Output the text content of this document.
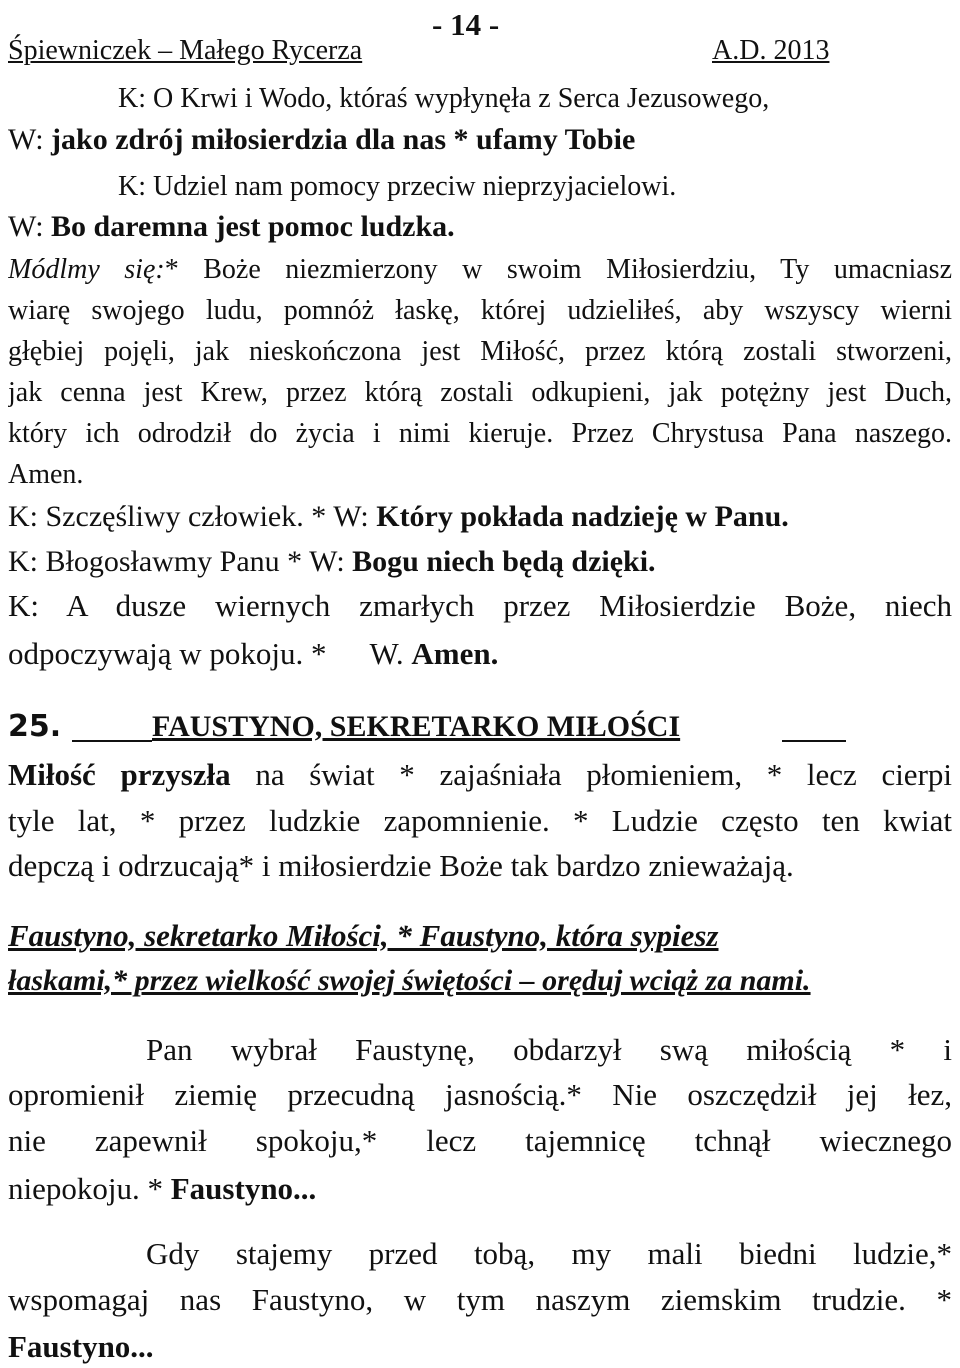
- 14 -
Śpiewniczek – Małego Rycerza	A.D. 2013
K: O Krwi i Wodo, któraś wypłynęła z Serca Jezusowego,
W: jako zdrój miłosierdzia dla nas * ufamy Tobie
K: Udziel nam pomocy przeciw nieprzyjacielowi.
W: Bo daremna jest pomoc ludzka.
Módlmy się:* Boże niezmierzony w swoim Miłosierdziu, Ty umacniasz
wiarę swojego ludu, pomnóż łaskę, której udzieliłeś, aby wszyscy wierni
głębiej pojęli, jak nieskończona jest Miłość, przez którą zostali stworzeni,
jak cenna jest Krew, przez którą zostali odkupieni, jak potężny jest Duch,
który ich odrodził do życia i nimi kieruje. Przez Chrystusa Pana naszego.
Amen.
K: Szczęśliwy człowiek. * W: Który pokłada nadzieję w Panu.
K: Błogosławmy Panu * W: Bogu niech będą dzięki.
K: A dusze wiernych zmarłych przez Miłosierdzie Boże, niech
odpoczywają w pokoju. * W. Amen.
25.	FAUSTYNO, SEKRETARKO MIŁOŚCI
Miłość przyszła na świat * zajaśniała płomieniem, * lecz cierpi
tyle lat, * przez ludzkie zapomnienie. * Ludzie często ten kwiat
depczą i odrzucają* i miłosierdzie Boże tak bardzo znieważają.
Faustyno, sekretarko Miłości, * Faustyno, która sypiesz
łaskami,* przez wielkość swojej świętości – oręduj wciąż za nami.
Pan wybrał Faustynę, obdarzył swą miłością * i
opromienił ziemię przecudną jasnością.* Nie oszczędził jej łez,
nie zapewnił spokoju,* lecz tajemnicę tchnął wiecznego
niepokoju. * Faustyno...
Gdy stajemy przed tobą, my mali biedni ludzie,*
wspomagaj nas Faustyno, w tym naszym ziemskim trudzie. *
Faustyno...
